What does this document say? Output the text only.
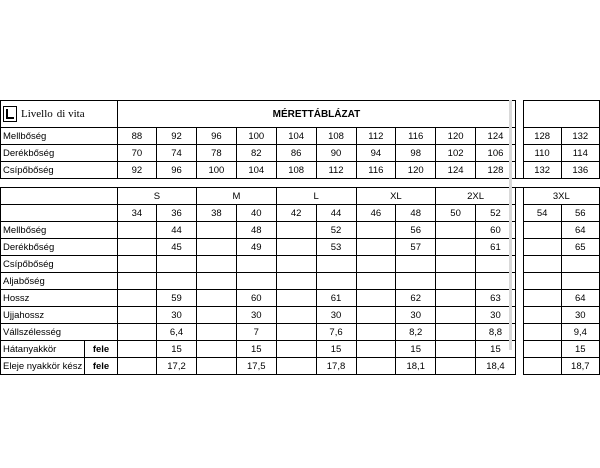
Livello di vita		MÉRETTÁBLÁZAT												
Mellbőség		88	92	96	100	104	108	112	116	120	124		128	132
Derékbőség		70	74	78	82	86	90	94	98	102	106		110	114
Csípőbőség		92	96	100	104	108	112	116	120	124	128		132	136

		S		M		L		XL		2XL			3XL	
		34	36	38	40	42	44	46	48	50	52		54	56
Mellbőség			44		48		52		56		60			64
Derékbőség			45		49		53		57		61			65
Csípőbőség														
Aljabőség														
Hossz			59		60		61		62		63			64
Ujjahossz			30		30		30		30		30			30
Vállszélesség			6,4		7		7,6		8,2		8,8			9,4
Hátanyakkör	fele		15		15		15		15		15			15
Eleje nyakkör kész	fele		17,2		17,5		17,8		18,1		18,4			18,7
